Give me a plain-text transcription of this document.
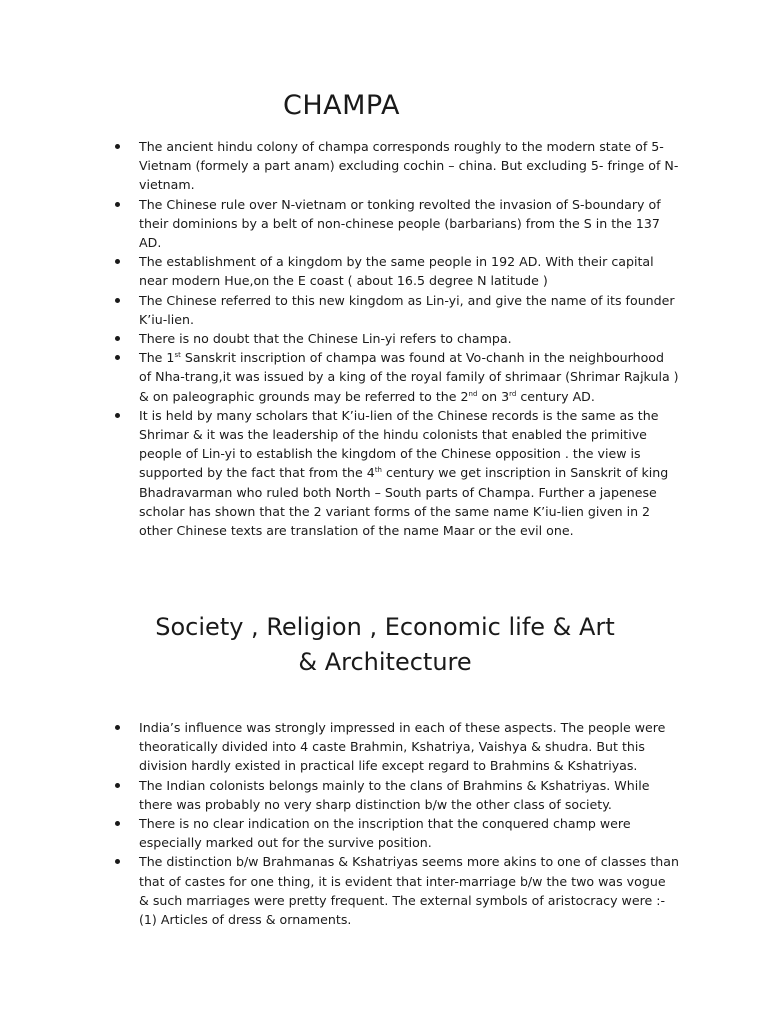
CHAMPA
The ancient hindu colony of champa corresponds roughly to the modern state of 5-Vietnam (formely a part anam) excluding cochin – china. But excluding 5- fringe of N-vietnam.
The Chinese rule over N-vietnam or tonking revolted the invasion of S-boundary of their dominions by a belt of non-chinese people (barbarians) from the S in the 137 AD.
The establishment of a kingdom by the same people in 192 AD. With their capital near modern Hue,on the E coast ( about 16.5 degree N latitude )
The Chinese referred to this new kingdom as Lin-yi, and give the name of its founder K’iu-lien.
There is no doubt that the Chinese Lin-yi refers to champa.
The 1st Sanskrit inscription of champa was found at Vo-chanh in the neighbourhood of Nha-trang,it was issued by a king of the royal family of shrimaar (Shrimar Rajkula ) & on paleographic grounds may be referred to the 2nd on 3rd century AD.
It is held by many scholars that K’iu-lien of the Chinese records is the same as the Shrimar & it was the leadership of the hindu colonists that enabled the primitive people of Lin-yi to establish the kingdom of the Chinese opposition . the view is supported by the fact that from the 4th century we get inscription in Sanskrit of king Bhadravarman who ruled both North – South parts of Champa. Further a japenese scholar has shown that the 2 variant forms of the same name K’iu-lien given in 2 other Chinese texts are translation of the name Maar or the evil one.
Society , Religion , Economic life & Art & Architecture
India’s influence was strongly impressed in each of these aspects. The people were theoratically divided into 4 caste Brahmin, Kshatriya, Vaishya & shudra. But this division hardly existed in practical life except regard to Brahmins & Kshatriyas.
The Indian colonists belongs mainly to the clans of Brahmins & Kshatriyas. While there was probably no very sharp distinction b/w the other class of society.
There is no clear indication on the inscription that the conquered champ were especially marked out for the survive position.
The distinction b/w Brahmanas & Kshatriyas seems more akins to one of classes than that of castes for one thing, it is evident that inter-marriage b/w the two was vogue & such marriages were pretty frequent. The external symbols of aristocracy were :-
(1) Articles of dress & ornaments.
